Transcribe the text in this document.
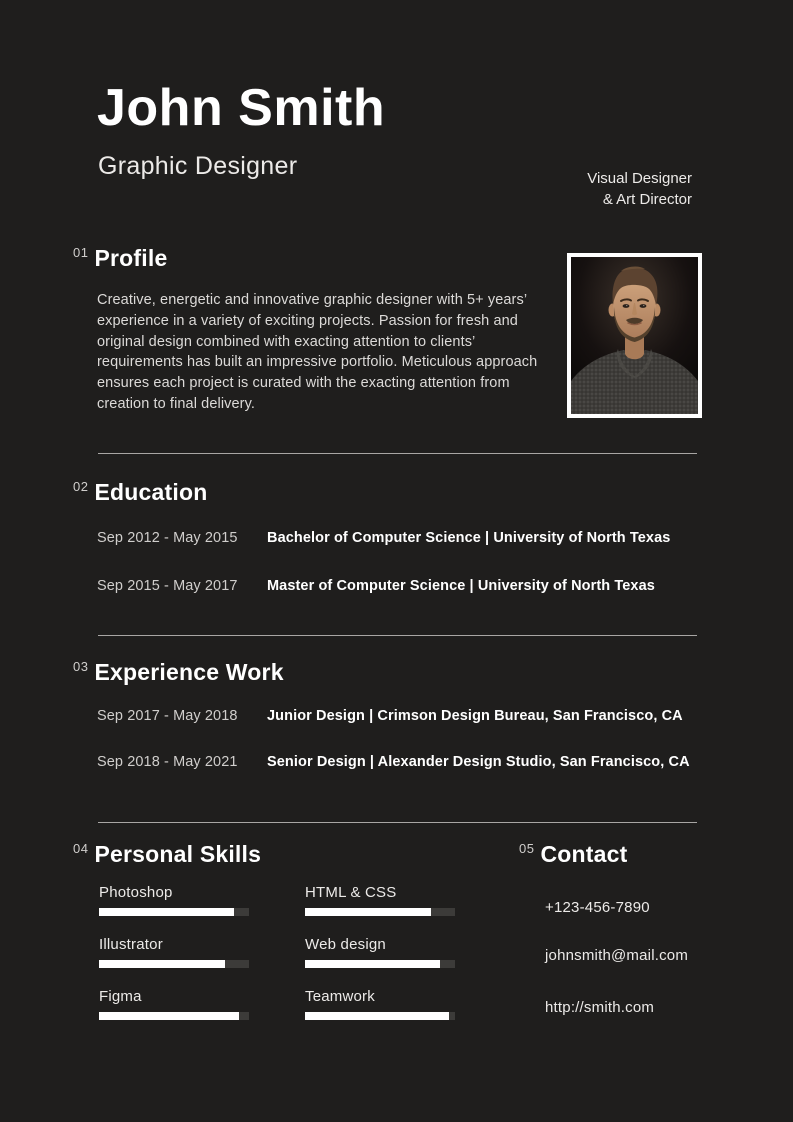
John Smith
Graphic Designer	Visual Designer
& Art Director
01 Profile

Creative, energetic and innovative graphic designer with 5+ years’ experience in a variety of exciting projects. Passion for fresh and original design combined with exacting attention to clients’ requirements has built an impressive portfolio. Meticulous approach ensures each project is curated with the exacting attention from creation to final delivery.

02 Education
Sep 2012 - May 2015	Bachelor of Computer Science | University of North Texas
Sep 2015 - May 2017	Master of Computer Science | University of North Texas
03 Experience Work
Sep 2017 - May 2018	Junior Design | Crimson Design Bureau, San Francisco, CA
Sep 2018 - May 2021	Senior Design | Alexander Design Studio, San Francisco, CA
04 Personal Skills
Photoshop
Illustrator
Figma
HTML & CSS
Web design
Teamwork
05 Contact
+123-456-7890
johnsmith@mail.com
http://smith.com
